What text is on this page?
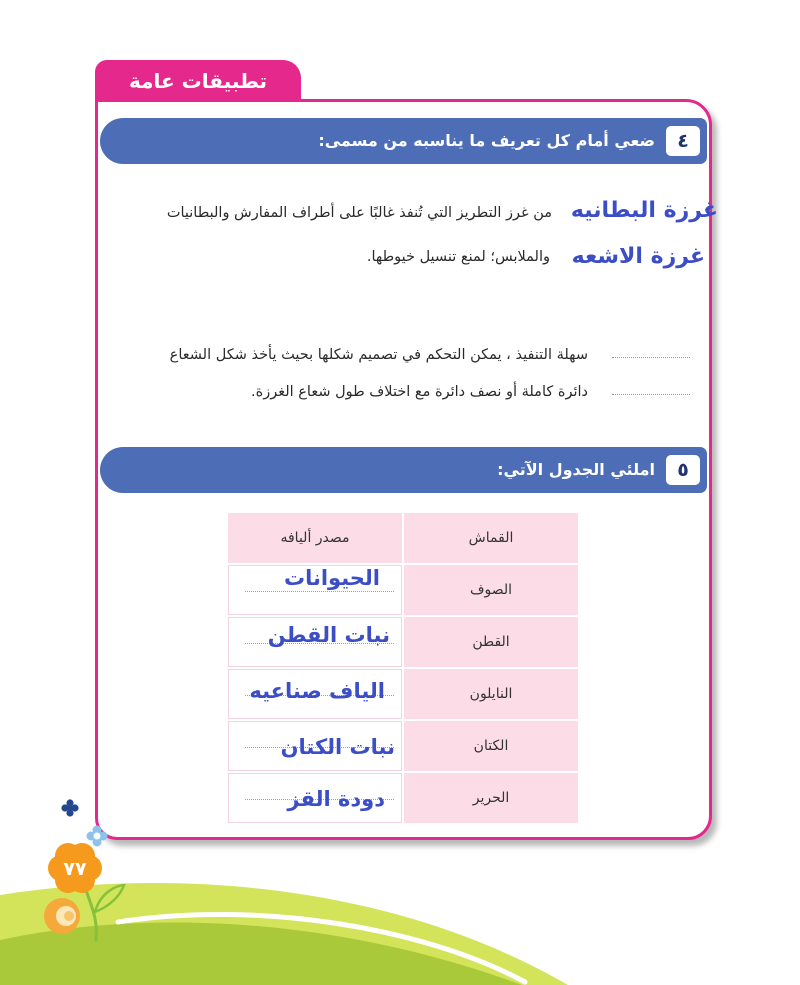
تطبيقات عامة
٤
ضعي أمام كل تعريف ما يناسبه من مسمى:
غرزة البطانيه
من غرز التطريز التي تُنفذ غالبًا على أطراف المفارش والبطانيات
غرزة الاشعه
والملابس؛ لمنع تنسيل خيوطها.
سهلة التنفيذ ، يمكن التحكم في تصميم شكلها بحيث يأخذ شكل الشعاع
دائرة كاملة أو نصف دائرة مع اختلاف طول شعاع الغرزة.
٥
املئي الجدول الآتي:
القماش
مصدر أليافه
الصوف
الحيوانات
القطن
نبات القطن
النايلون
الياف صناعيه
الكتان
نبات الكتان
الحرير
دودة القز
٧٧
